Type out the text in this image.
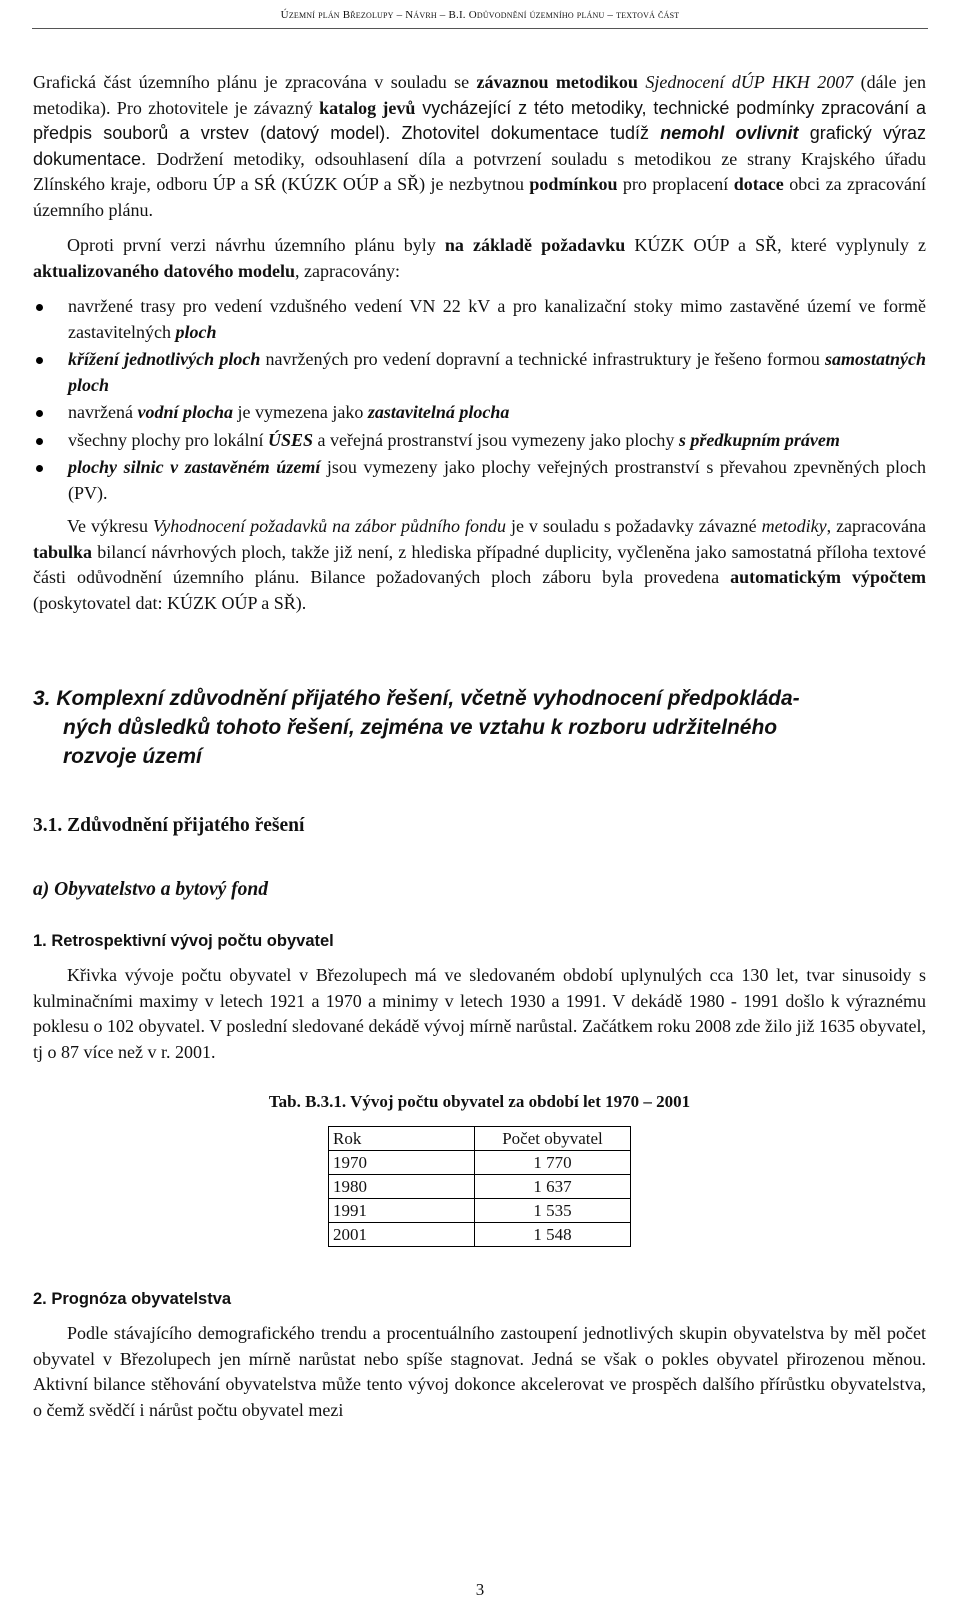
Územní plán Březolupy – Návrh – B.I. Odůvodnění územního plánu – textová část

Grafická část územního plánu je zpracována v souladu se závaznou metodikou Sjednocení dÚP HKH 2007 (dále jen metodika). Pro zhotovitele je závazný katalog jevů vycházející z této metodiky, technické podmínky zpracování a předpis souborů a vrstev (datový model). Zhotovitel dokumentace tudíž nemohl ovlivnit grafický výraz dokumentace. Dodržení metodiky, odsouhlasení díla a potvrzení souladu s metodikou ze strany Krajského úřadu Zlínského kraje, odboru ÚP a SŔ (KÚZK OÚP a SŘ) je nezbytnou podmínkou pro proplacení dotace obci za zpracování územního plánu.

Oproti první verzi návrhu územního plánu byly na základě požadavku KÚZK OÚP a SŘ, které vyplynuly z aktualizovaného datového modelu, zapracovány:

navržené trasy pro vedení vzdušného vedení VN 22 kV a pro kanalizační stoky mimo zastavěné území ve formě zastavitelných ploch
křížení jednotlivých ploch navržených pro vedení dopravní a technické infrastruktury je řešeno formou samostatných ploch
navržená vodní plocha je vymezena jako zastavitelná plocha
všechny plochy pro lokální ÚSES a veřejná prostranství jsou vymezeny jako plochy s předkupním právem
plochy silnic v zastavěném území jsou vymezeny jako plochy veřejných prostranství s převahou zpevněných ploch (PV).

Ve výkresu Vyhodnocení požadavků na zábor půdního fondu je v souladu s požadavky závazné metodiky, zapracována tabulka bilancí návrhových ploch, takže již není, z hlediska případné duplicity, vyčleněna jako samostatná příloha textové části odůvodnění územního plánu. Bilance požadovaných ploch záboru byla provedena automatickým výpočtem (poskytovatel dat: KÚZK OÚP a SŘ).

3. Komplexní zdůvodnění přijatého řešení, včetně vyhodnocení předpokláda-
ných důsledků tohoto řešení, zejména ve vztahu k rozboru udržitelného
rozvoje území
3.1. Zdůvodnění přijatého řešení
a) Obyvatelstvo a bytový fond
1. Retrospektivní vývoj počtu obyvatel

Křivka vývoje počtu obyvatel v Březolupech má ve sledovaném období uplynulých cca 130 let, tvar sinusoidy s kulminačními maximy v letech 1921 a 1970 a minimy v letech 1930 a 1991. V dekádě 1980 - 1991 došlo k výraznému poklesu o 102 obyvatel. V poslední sledované dekádě vývoj mírně narůstal. Začátkem roku 2008 zde žilo již 1635 obyvatel, tj o 87 více než v r. 2001.

Tab. B.3.1. Vývoj počtu obyvatel za období let 1970 – 2001
Rok	Počet obyvatel
1970	1 770
1980	1 637
1991	1 535
2001	1 548
2. Prognóza obyvatelstva

Podle stávajícího demografického trendu a procentuálního zastoupení jednotlivých skupin obyvatelstva by měl počet obyvatel v Březolupech jen mírně narůstat nebo spíše stagnovat. Jedná se však o pokles obyvatel přirozenou měnou. Aktivní bilance stěhování obyvatelstva může tento vývoj dokonce akcelerovat ve prospěch dalšího přírůstku obyvatelstva, o čemž svědčí i nárůst počtu obyvatel mezi

3
